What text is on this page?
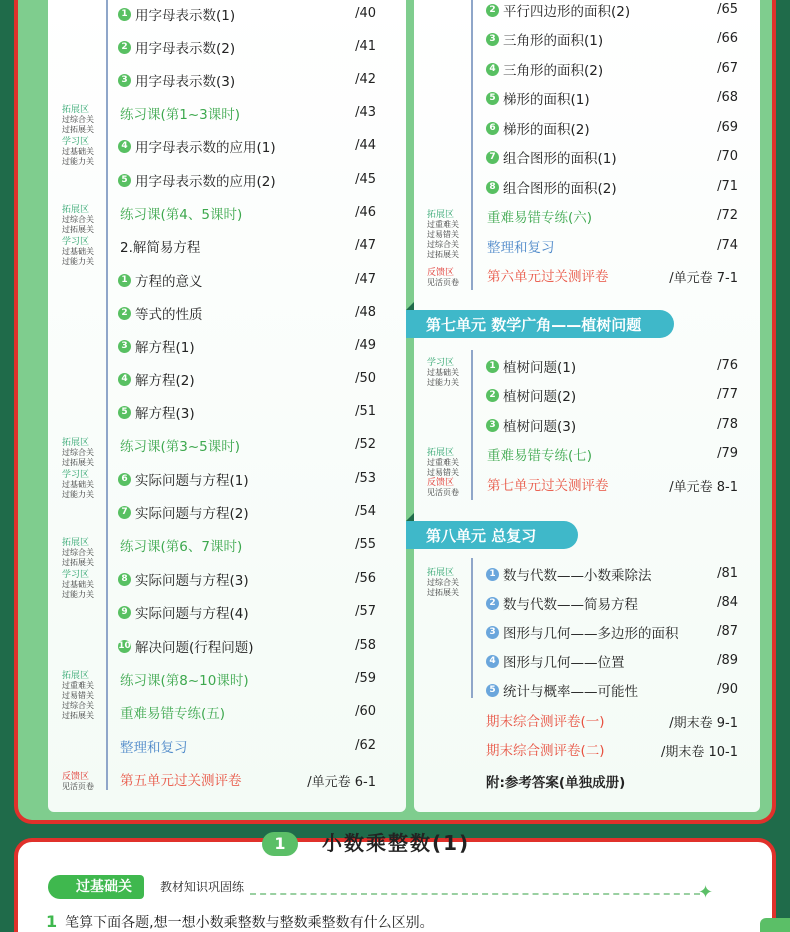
拓展区
过综合关
过拓展关
学习区
过基础关
过能力关
拓展区
过综合关
过拓展关
学习区
过基础关
过能力关
拓展区
过综合关
过拓展关
学习区
过基础关
过能力关
拓展区
过综合关
过拓展关
学习区
过基础关
过能力关
拓展区
过重难关
过易错关
过综合关
过拓展关
反馈区
见活页卷
1 用字母表示数(1)	/40
2 用字母表示数(2)	/41
3 用字母表示数(3)	/42
练习课(第1~3课时)	/43
4 用字母表示数的应用(1)	/44
5 用字母表示数的应用(2)	/45
练习课(第4、5课时)	/46
2.解简易方程	/47
1 方程的意义	/47
2 等式的性质	/48
3 解方程(1)	/49
4 解方程(2)	/50
5 解方程(3)	/51
练习课(第3~5课时)	/52
6 实际问题与方程(1)	/53
7 实际问题与方程(2)	/54
练习课(第6、7课时)	/55
8 实际问题与方程(3)	/56
9 实际问题与方程(4)	/57
10 解决问题(行程问题)	/58
练习课(第8~10课时)	/59
重难易错专练(五)	/60
整理和复习	/62
第五单元过关测评卷	/单元卷 6-1
拓展区
过重难关
过易错关
过综合关
过拓展关
反馈区
见活页卷
学习区
过基础关
过能力关
拓展区
过重难关
过易错关
反馈区
见活页卷
拓展区
过综合关
过拓展关
2 平行四边形的面积(2)	/65
3 三角形的面积(1)	/66
4 三角形的面积(2)	/67
5 梯形的面积(1)	/68
6 梯形的面积(2)	/69
7 组合图形的面积(1)	/70
8 组合图形的面积(2)	/71
重难易错专练(六)	/72
整理和复习	/74
第六单元过关测评卷	/单元卷 7-1
1 植树问题(1)	/76
2 植树问题(2)	/77
3 植树问题(3)	/78
重难易错专练(七)	/79
第七单元过关测评卷	/单元卷 8-1
1 数与代数——小数乘除法	/81
2 数与代数——简易方程	/84
3 图形与几何——多边形的面积	/87
4 图形与几何——位置	/89
5 统计与概率——可能性	/90
期末综合测评卷(一)	/期末卷 9-1
期末综合测评卷(二)	/期末卷 10-1
附:参考答案(单独成册)
第七单元 数学广角——植树问题
第八单元 总复习
1	小数乘整数(1)
过基础关	教材知识巩固练	✦
1 笔算下面各题,想一想小数乘整数与整数乘整数有什么区别。
